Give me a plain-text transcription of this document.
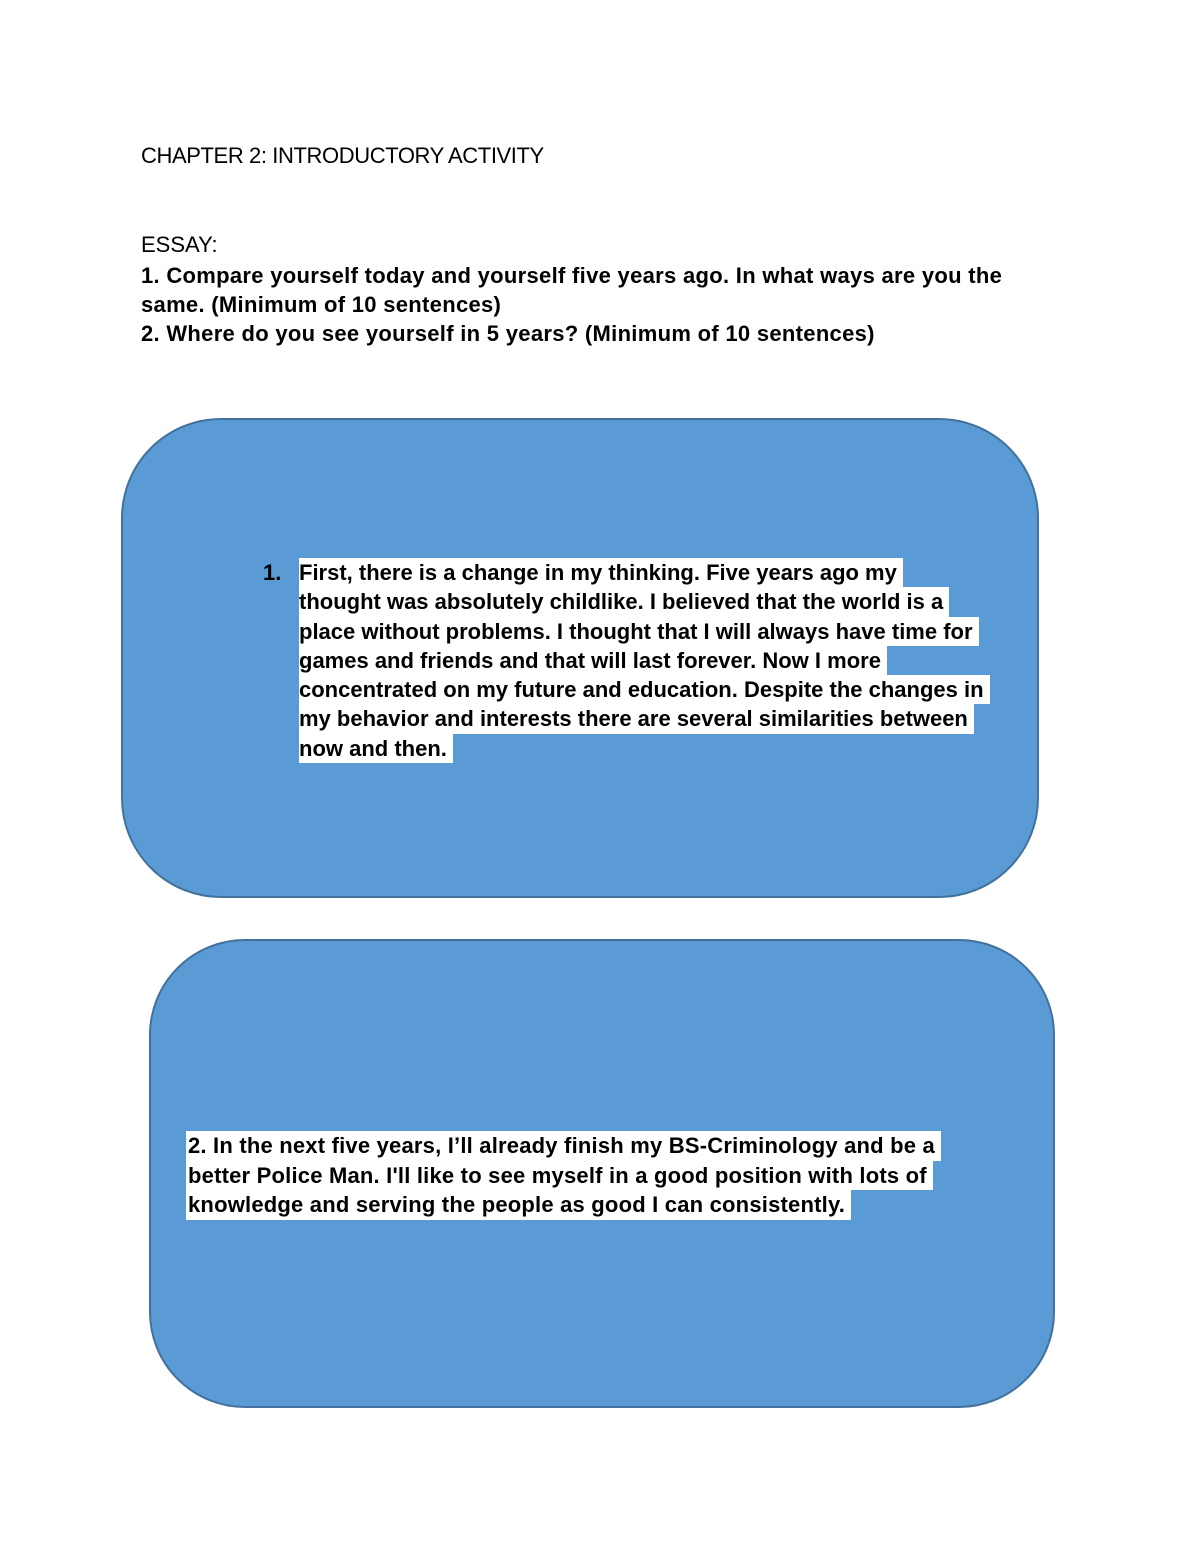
CHAPTER 2: INTRODUCTORY ACTIVITY
ESSAY:
1. Compare yourself today and yourself five years ago. In what ways are you the
same. (Minimum of 10 sentences)
2. Where do you see yourself in 5 years? (Minimum of 10 sentences)
1. First, there is a change in my thinking. Five years ago my
thought was absolutely childlike. I believed that the world is a
place without problems. I thought that I will always have time for
games and friends and that will last forever. Now I more
concentrated on my future and education. Despite the changes in
my behavior and interests there are several similarities between
now and then.
2. In the next five years, I’ll already finish my BS-Criminology and be a
better Police Man. I'll like to see myself in a good position with lots of
knowledge and serving the people as good I can consistently.
